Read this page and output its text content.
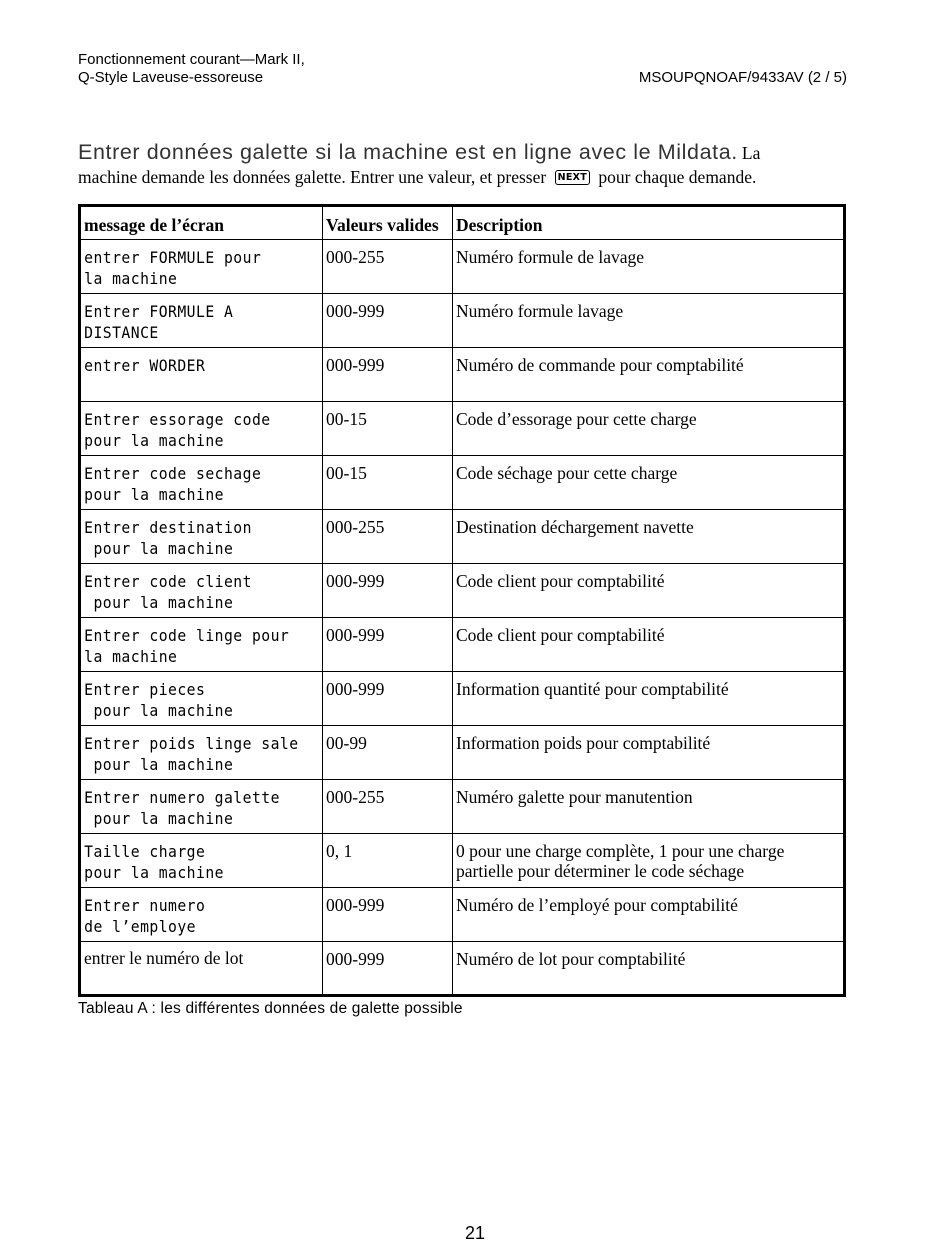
Fonctionnement courant—Mark II,
Q-Style Laveuse-essoreuse	MSOUPQNOAF/9433AV (2 / 5)
Entrer données galette si la machine est en ligne avec le Mildata. La
machine demande les données galette. Entrer une valeur, et presser NEXT pour chaque demande.
message de l’écran	Valeurs valides	Description
entrer FORMULE pour
la machine	000-255	Numéro formule de lavage
Entrer FORMULE A
DISTANCE	000-999	Numéro formule lavage
entrer WORDER	000-999	Numéro de commande pour comptabilité
Entrer essorage code
pour la machine	00-15	Code d’essorage pour cette charge
Entrer code sechage
pour la machine	00-15	Code séchage pour cette charge
Entrer destination
pour la machine	000-255	Destination déchargement navette
Entrer code client
pour la machine	000-999	Code client pour comptabilité
Entrer code linge pour
la machine	000-999	Code client pour comptabilité
Entrer pieces
pour la machine	000-999	Information quantité pour comptabilité
Entrer poids linge sale
pour la machine	00-99	Information poids pour comptabilité
Entrer numero galette
pour la machine	000-255	Numéro galette pour manutention
Taille charge
pour la machine	0, 1	0 pour une charge complète, 1 pour une charge partielle pour déterminer le code séchage
Entrer numero
de l’employe	000-999	Numéro de l’employé pour comptabilité
entrer le numéro de lot	000-999	Numéro de lot pour comptabilité
Tableau A : les différentes données de galette possible
21
